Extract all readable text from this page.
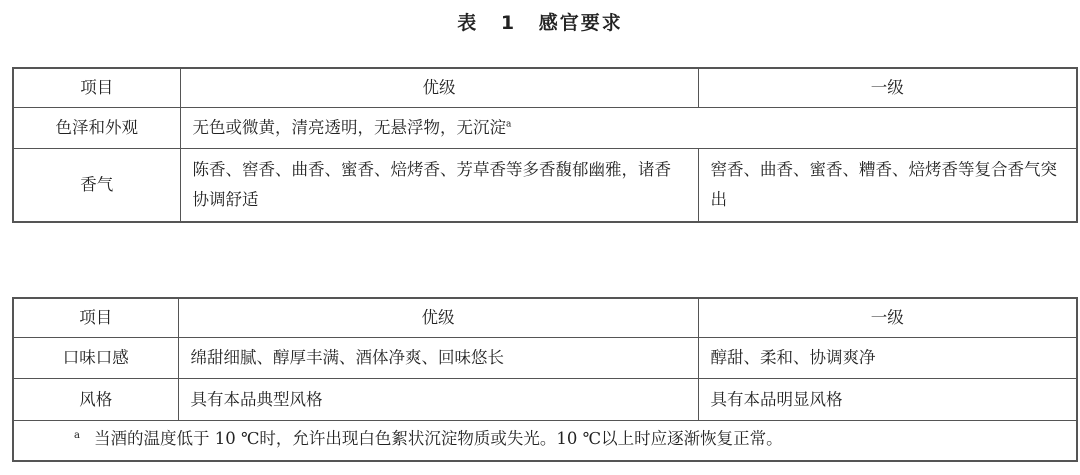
表 1 感官要求
项目	优级	一级
色泽和外观	无色或微黄，清亮透明，无悬浮物，无沉淀$^a$
香气	陈香、窖香、曲香、蜜香、焙烤香、芳草香等多香馥郁幽雅，诸香协调舒适	窖香、曲香、蜜香、糟香、焙烤香等复合香气突出
项目	优级	一级
口味口感	绵甜细腻、醇厚丰满、酒体净爽、回味悠长	醇甜、柔和、协调爽净
风格	具有本品典型风格	具有本品明显风格
$^a$ 当酒的温度低于 10 ℃时，允许出现白色絮状沉淀物质或失光。10 ℃以上时应逐渐恢复正常。		
